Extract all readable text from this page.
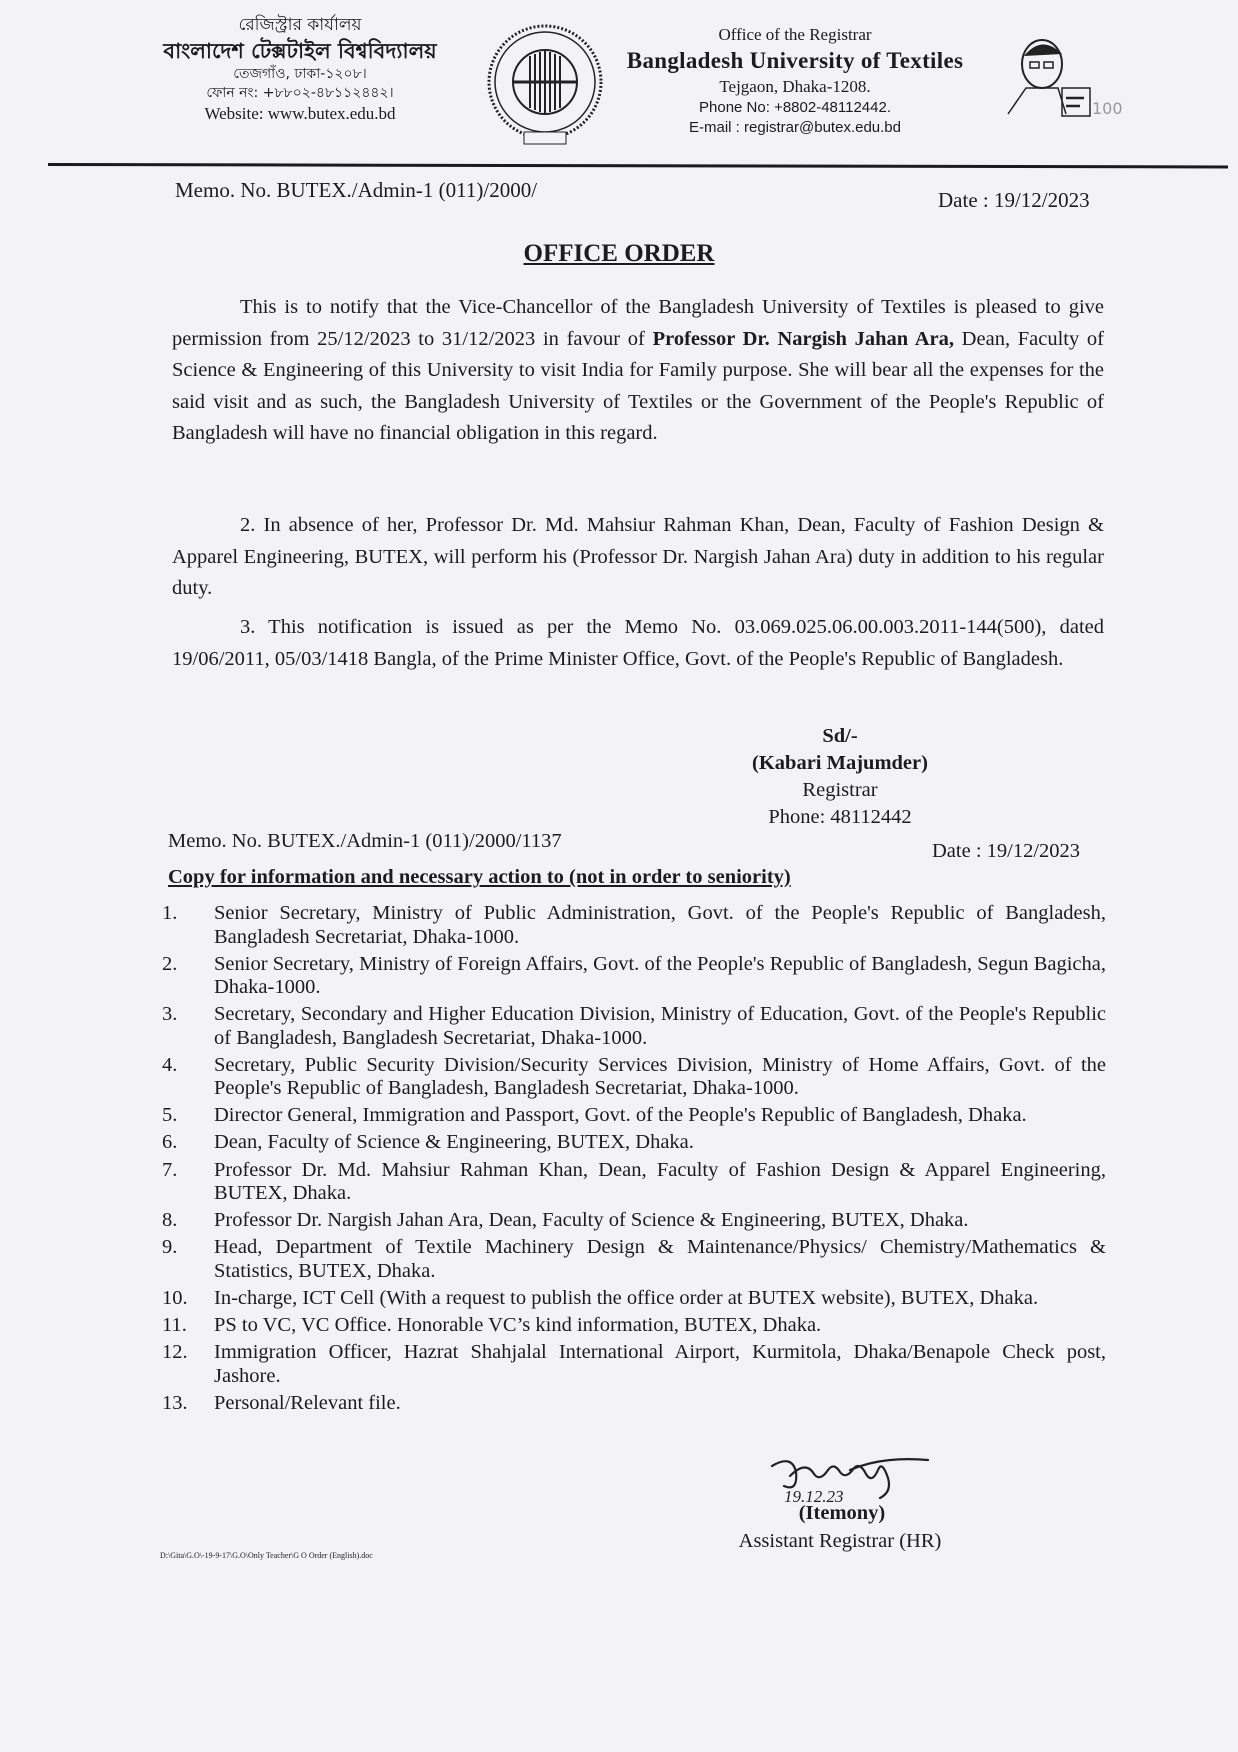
রেজিস্ট্রার কার্যালয়
বাংলাদেশ টেক্সটাইল বিশ্ববিদ্যালয়
তেজগাঁও, ঢাকা-১২০৮।
ফোন নং: +৮৮০২-৪৮১১২৪৪২।
Website: www.butex.edu.bd
Office of the Registrar
Bangladesh University of Textiles
Tejgaon, Dhaka-1208.
Phone No: +8802-48112442.
E-mail : registrar@butex.edu.bd
100
Memo. No. BUTEX./Admin-1 (011)/2000/	Date : 19/12/2023
OFFICE ORDER
This is to notify that the Vice-Chancellor of the Bangladesh University of Textiles is pleased to give permission from 25/12/2023 to 31/12/2023 in favour of Professor Dr. Nargish Jahan Ara, Dean, Faculty of Science & Engineering of this University to visit India for Family purpose. She will bear all the expenses for the said visit and as such, the Bangladesh University of Textiles or the Government of the People's Republic of Bangladesh will have no financial obligation in this regard.
2. In absence of her, Professor Dr. Md. Mahsiur Rahman Khan, Dean, Faculty of Fashion Design & Apparel Engineering, BUTEX, will perform his (Professor Dr. Nargish Jahan Ara) duty in addition to his regular duty.
3. This notification is issued as per the Memo No. 03.069.025.06.00.003.2011-144(500), dated 19/06/2011, 05/03/1418 Bangla, of the Prime Minister Office, Govt. of the People's Republic of Bangladesh.
Sd/-
(Kabari Majumder)
Registrar
Phone: 48112442
Memo. No. BUTEX./Admin-1 (011)/2000/1137	Date : 19/12/2023
Copy for information and necessary action to (not in order to seniority)
1.	Senior Secretary, Ministry of Public Administration, Govt. of the People's Republic of Bangladesh, Bangladesh Secretariat, Dhaka-1000.
2.	Senior Secretary, Ministry of Foreign Affairs, Govt. of the People's Republic of Bangladesh, Segun Bagicha, Dhaka-1000.
3.	Secretary, Secondary and Higher Education Division, Ministry of Education, Govt. of the People's Republic of Bangladesh, Bangladesh Secretariat, Dhaka-1000.
4.	Secretary, Public Security Division/Security Services Division, Ministry of Home Affairs, Govt. of the People's Republic of Bangladesh, Bangladesh Secretariat, Dhaka-1000.
5.	Director General, Immigration and Passport, Govt. of the People's Republic of Bangladesh, Dhaka.
6.	Dean, Faculty of Science & Engineering, BUTEX, Dhaka.
7.	Professor Dr. Md. Mahsiur Rahman Khan, Dean, Faculty of Fashion Design & Apparel Engineering, BUTEX, Dhaka.
8.	Professor Dr. Nargish Jahan Ara, Dean, Faculty of Science & Engineering, BUTEX, Dhaka.
9.	Head, Department of Textile Machinery Design & Maintenance/Physics/ Chemistry/Mathematics & Statistics, BUTEX, Dhaka.
10.	In-charge, ICT Cell (With a request to publish the office order at BUTEX website), BUTEX, Dhaka.
11.	PS to VC, VC Office. Honorable VC’s kind information, BUTEX, Dhaka.
12.	Immigration Officer, Hazrat Shahjalal International Airport, Kurmitola, Dhaka/Benapole Check post, Jashore.
13.	Personal/Relevant file.
19.12.23
(Itemony)
Assistant Registrar (HR)
D:\Gita\G.O\-19-9-17\G.O\Only Teacher\G O Order (English).doc
